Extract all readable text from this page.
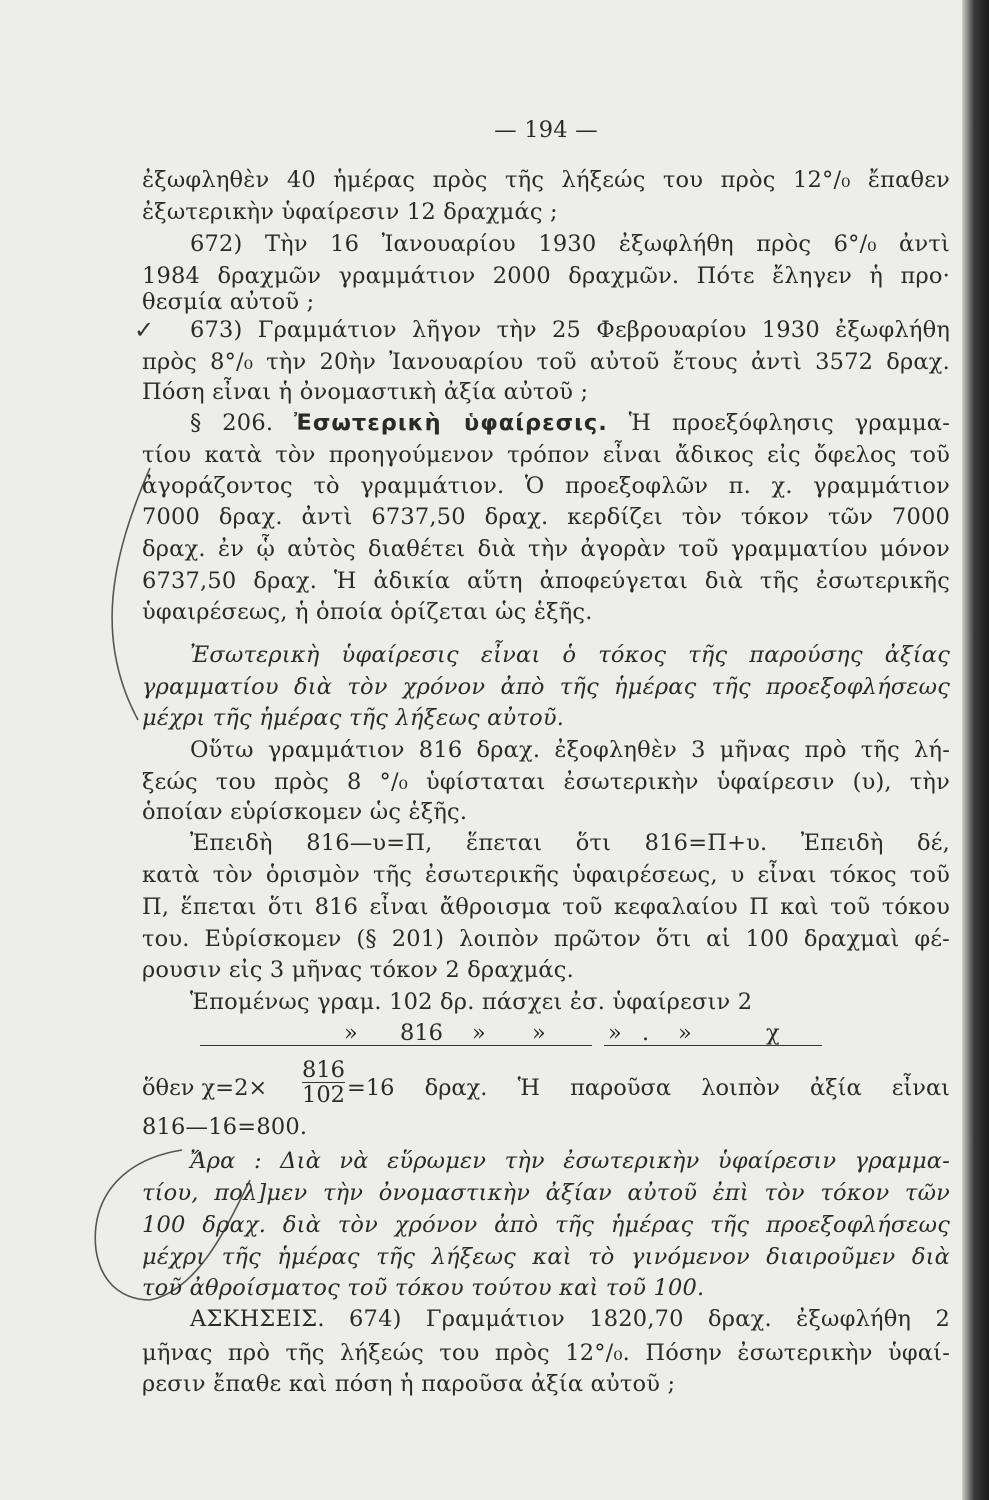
✓
— 194 —
ἐξωφληθὲν 40 ἡμέρας πρὸς τῆς λήξεώς του πρὸς 12°/₀ ἔπαθεν
ἐξωτερικὴν ὑφαίρεσιν 12 δραχμάς ;
672) Τὴν 16 Ἰανουαρίου 1930 ἐξωφλήθη πρὸς 6°/₀ ἀντὶ
1984 δραχμῶν γραμμάτιον 2000 δραχμῶν. Πότε ἔληγεν ἡ προ·
θεσμία αὐτοῦ ;
673) Γραμμάτιον λῆγον τὴν 25 Φεβρουαρίου 1930 ἐξωφλήθη
πρὸς 8°/₀ τὴν 20ὴν Ἰανουαρίου τοῦ αὐτοῦ ἔτους ἀντὶ 3572 δραχ.
Πόση εἶναι ἡ ὀνομαστικὴ ἀξία αὐτοῦ ;
§ 206. Ἐσωτερικὴ ὑφαίρεσις. Ἡ προεξόφλησις γραμμα-
τίου κατὰ τὸν προηγούμενον τρόπον εἶναι ἄδικος εἰς ὄφελος τοῦ
ἀγοράζοντος τὸ γραμμάτιον. Ὁ προεξοφλῶν π. χ. γραμμάτιον
7000 δραχ. ἀντὶ 6737,50 δραχ. κερδίζει τὸν τόκον τῶν 7000
δραχ. ἐν ᾧ αὐτὸς διαθέτει διὰ τὴν ἀγορὰν τοῦ γραμματίου μόνον
6737,50 δραχ. Ἡ ἀδικία αὕτη ἀποφεύγεται διὰ τῆς ἐσωτερικῆς
ὑφαιρέσεως, ἡ ὁποία ὁρίζεται ὡς ἑξῆς.
Ἐσωτερικὴ ὑφαίρεσις εἶναι ὁ τόκος τῆς παρούσης ἀξίας
γραμματίου διὰ τὸν χρόνον ἀπὸ τῆς ἡμέρας τῆς προεξοφλήσεως
μέχρι τῆς ἡμέρας τῆς λήξεως αὐτοῦ.
Οὕτω γραμμάτιον 816 δραχ. ἐξοφληθὲν 3 μῆνας πρὸ τῆς λή-
ξεώς του πρὸς 8 °/₀ ὑφίσταται ἐσωτερικὴν ὑφαίρεσιν (υ), τὴν
ὁποίαν εὑρίσκομεν ὡς ἑξῆς.
Ἐπειδὴ 816—υ=Π, ἕπεται ὅτι 816=Π+υ. Ἐπειδὴ δέ,
κατὰ τὸν ὁρισμὸν τῆς ἐσωτερικῆς ὑφαιρέσεως, υ εἶναι τόκος τοῦ
Π, ἕπεται ὅτι 816 εἶναι ἄθροισμα τοῦ κεφαλαίου Π καὶ τοῦ τόκου
του. Εὑρίσκομεν (§ 201) λοιπὸν πρῶτον ὅτι αἱ 100 δραχμαὶ φέ-
ρουσιν εἰς 3 μῆνας τόκον 2 δραχμάς.
Ἑπομένως γραμ. 102 δρ. πάσχει ἐσ. ὑφαίρεσιν 2
» 816 » »	» . »	χ
ὅθεν $\chi=2\times \frac{816}{102} =16$ δραχ. Ἡ παροῦσα λοιπὸν ἀξία εἶναι
816—16=800.
Ἄρα : Διὰ νὰ εὕρωμεν τὴν ἐσωτερικὴν ὑφαίρεσιν γραμμα-
τίου, πολ]μεν τὴν ὀνομαστικὴν ἀξίαν αὐτοῦ ἐπὶ τὸν τόκον τῶν
100 δραχ. διὰ τὸν χρόνον ἀπὸ τῆς ἡμέρας τῆς προεξοφλήσεως
μέχρι τῆς ἡμέρας τῆς λήξεως καὶ τὸ γινόμενον διαιροῦμεν διὰ
τοῦ ἀθροίσματος τοῦ τόκου τούτου καὶ τοῦ 100.
ΑΣΚΗΣΕΙΣ. 674) Γραμμάτιον 1820,70 δραχ. ἐξωφλήθη 2
μῆνας πρὸ τῆς λήξεώς του πρὸς 12°/₀. Πόσην ἐσωτερικὴν ὑφαί-
ρεσιν ἔπαθε καὶ πόση ἡ παροῦσα ἀξία αὐτοῦ ;
